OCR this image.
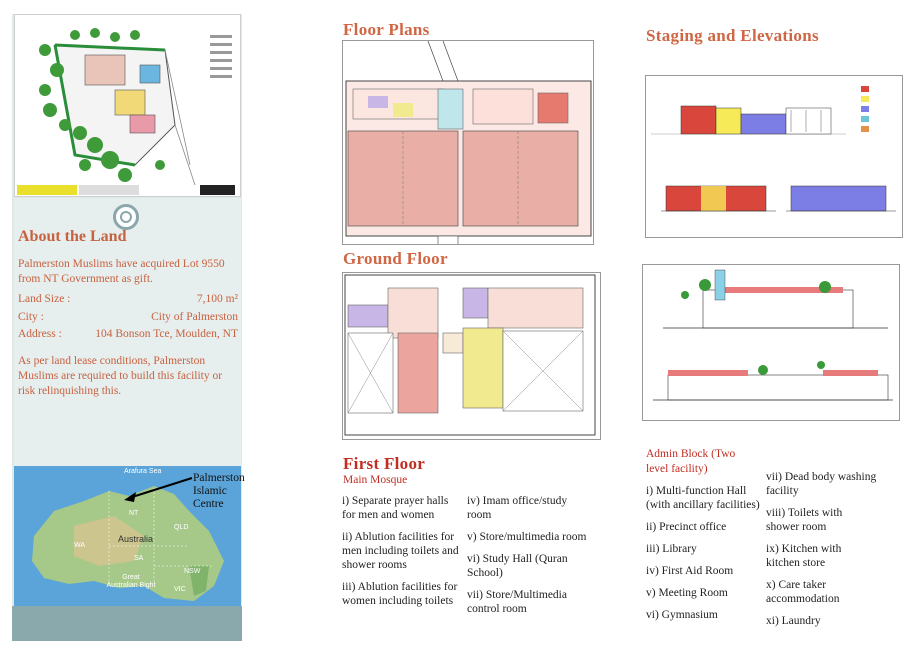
About the Land
Palmerston Muslims have acquired Lot 9550 from NT Government as gift.
Land Size :	7,100 m²
City :	City of Palmerston
Address :	104 Bonson Tce, Moulden, NT
As per land lease conditions, Palmerston Muslims are required to build this facility or risk relinquishing this.
Arafura Sea
NT
QLD
WA
Australia
SA
NSW
VIC
Great Australian Bight
Palmerston Islamic Centre
Floor Plans
Ground Floor
First Floor
Main Mosque

i) Separate prayer halls for men and women

ii) Ablution facilities for men including toilets and shower rooms

iii) Ablution facilities for women including toilets

iv) Imam office/study room

v) Store/multimedia room

vi) Study Hall (Quran School)

vii) Store/Multimedia control room

Staging and Elevations
Admin Block (Two level facility)

i) Multi-function Hall (with ancillary facilities)

ii) Precinct office

iii) Library

iv) First Aid Room

v) Meeting Room

vi) Gymnasium

vii) Dead body washing facility

viii) Toilets with shower room

ix) Kitchen with kitchen store

x) Care taker accommodation

xi) Laundry
